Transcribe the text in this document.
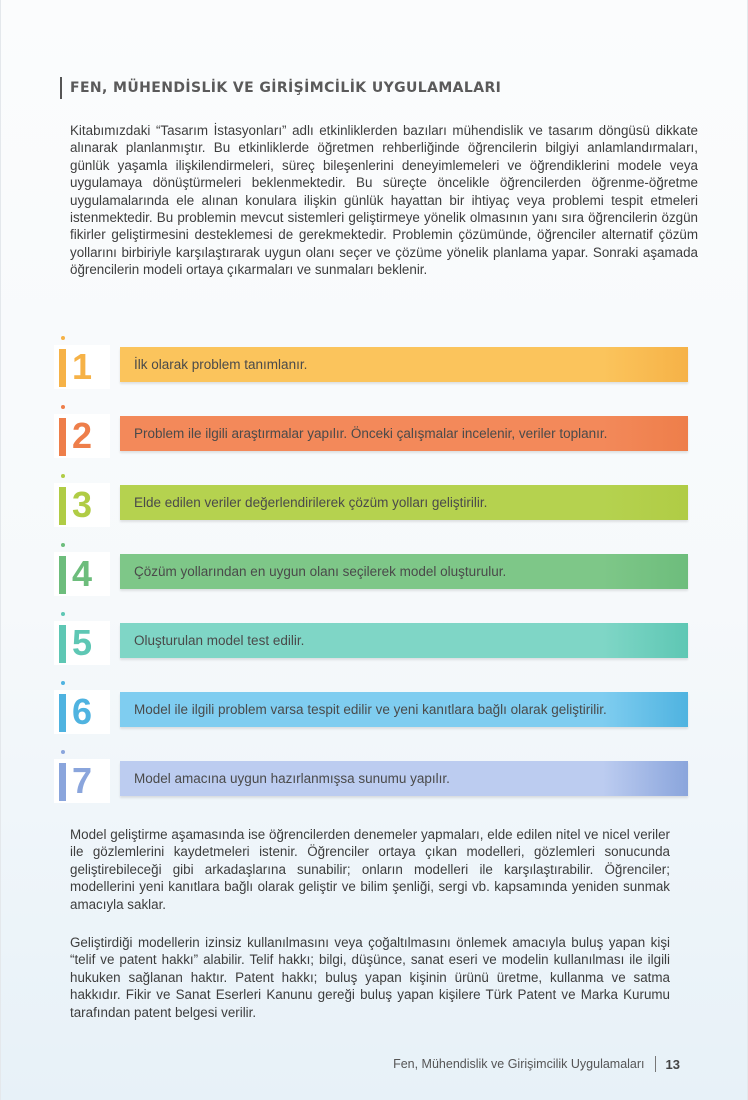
FEN, MÜHENDİSLİK VE GİRİŞİMCİLİK UYGULAMALARI

Kitabımızdaki “Tasarım İstasyonları” adlı etkinliklerden bazıları mühendislik ve tasarım döngüsü dikkate alınarak planlanmıştır. Bu etkinliklerde öğretmen rehberliğinde öğrencilerin bilgiyi anlamlandırmaları, günlük yaşamla ilişkilendirmeleri, süreç bileşenlerini deneyimlemeleri ve öğrendiklerini modele veya uygulamaya dönüştürmeleri beklenmektedir. Bu süreçte öncelikle öğrencilerden öğrenme-öğretme uygulamalarında ele alınan konulara ilişkin günlük hayattan bir ihtiyaç veya problemi tespit etmeleri istenmektedir. Bu problemin mevcut sistemleri geliştirmeye yönelik olmasının yanı sıra öğrencilerin özgün fikirler geliştirmesini desteklemesi de gerekmektedir. Problemin çözümünde, öğrenciler alternatif çözüm yollarını birbiriyle karşılaştırarak uygun olanı seçer ve çözüme yönelik planlama yapar. Sonraki aşamada öğrencilerin modeli ortaya çıkarmaları ve sunmaları beklenir.

1	İlk olarak problem tanımlanır.
2	Problem ile ilgili araştırmalar yapılır. Önceki çalışmalar incelenir, veriler toplanır.
3	Elde edilen veriler değerlendirilerek çözüm yolları geliştirilir.
4	Çözüm yollarından en uygun olanı seçilerek model oluşturulur.
5	Oluşturulan model test edilir.
6	Model ile ilgili problem varsa tespit edilir ve yeni kanıtlara bağlı olarak geliştirilir.
7	Model amacına uygun hazırlanmışsa sunumu yapılır.

Model geliştirme aşamasında ise öğrencilerden denemeler yapmaları, elde edilen nitel ve nicel veriler ile gözlemlerini kaydetmeleri istenir. Öğrenciler ortaya çıkan modelleri, gözlemleri sonucunda geliştirebileceği gibi arkadaşlarına sunabilir; onların modelleri ile karşılaştırabilir. Öğrenciler; modellerini yeni kanıtlara bağlı olarak geliştir ve bilim şenliği, sergi vb. kapsamında yeniden sunmak amacıyla saklar.

Geliştirdiği modellerin izinsiz kullanılmasını veya çoğaltılmasını önlemek amacıyla buluş yapan kişi “telif ve patent hakkı” alabilir. Telif hakkı; bilgi, düşünce, sanat eseri ve modelin kullanılması ile ilgili hukuken sağlanan haktır. Patent hakkı; buluş yapan kişinin ürünü üretme, kullanma ve satma hakkıdır. Fikir ve Sanat Eserleri Kanunu gereği buluş yapan kişilere Türk Patent ve Marka Kurumu tarafından patent belgesi verilir.

Fen, Mühendislik ve Girişimcilik Uygulamaları 13
